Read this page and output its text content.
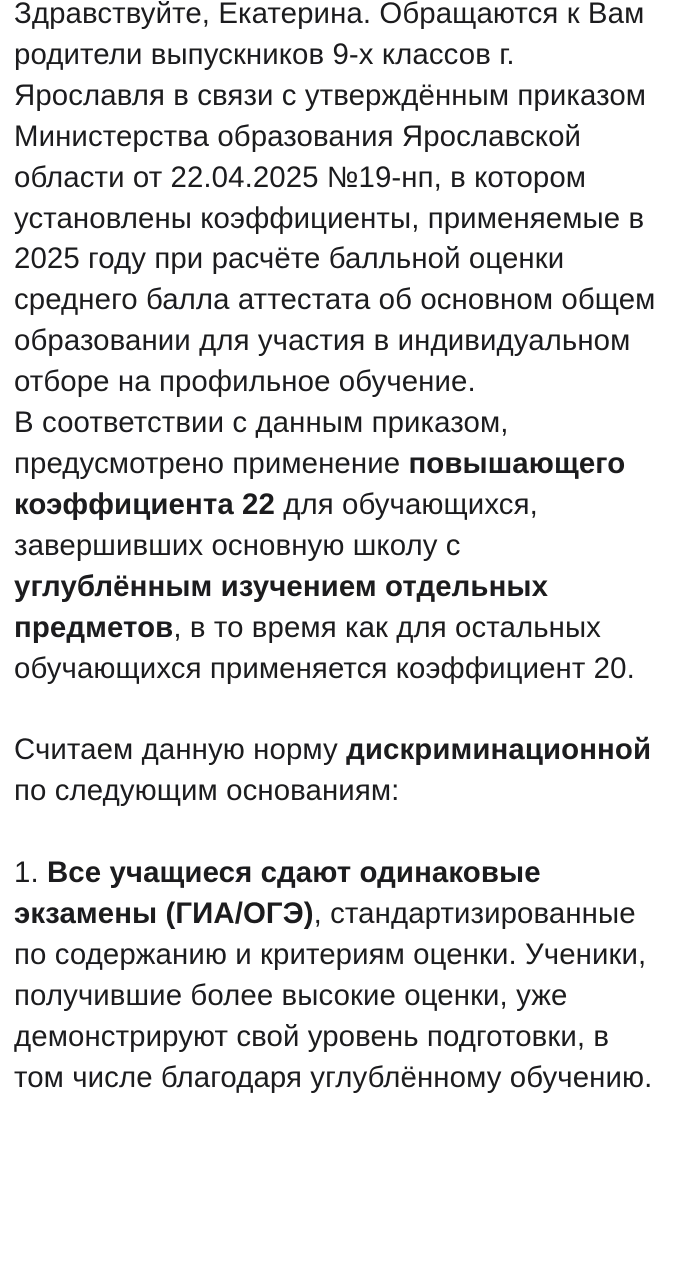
Здравствуйте, Екатерина. Обращаются к Вам родители выпускников 9-х классов г. Ярославля в связи с утверждённым приказом Министерства образования Ярославской области от 22.04.2025 №19-нп, в котором установлены коэффициенты, применяемые в 2025 году при расчёте балльной оценки среднего балла аттестата об основном общем образовании для участия в индивидуальном отборе на профильное обучение.

В соответствии с данным приказом, предусмотрено применение повышающего коэффициента 22 для обучающихся, завершивших основную школу с углублённым изучением отдельных предметов, в то время как для остальных обучающихся применяется коэффициент 20.

Считаем данную норму дискриминационной по следующим основаниям:

1. Все учащиеся сдают одинаковые экзамены (ГИА/ОГЭ), стандартизированные по содержанию и критериям оценки. Ученики, получившие более высокие оценки, уже демонстрируют свой уровень подготовки, в том числе благодаря углублённому обучению.
